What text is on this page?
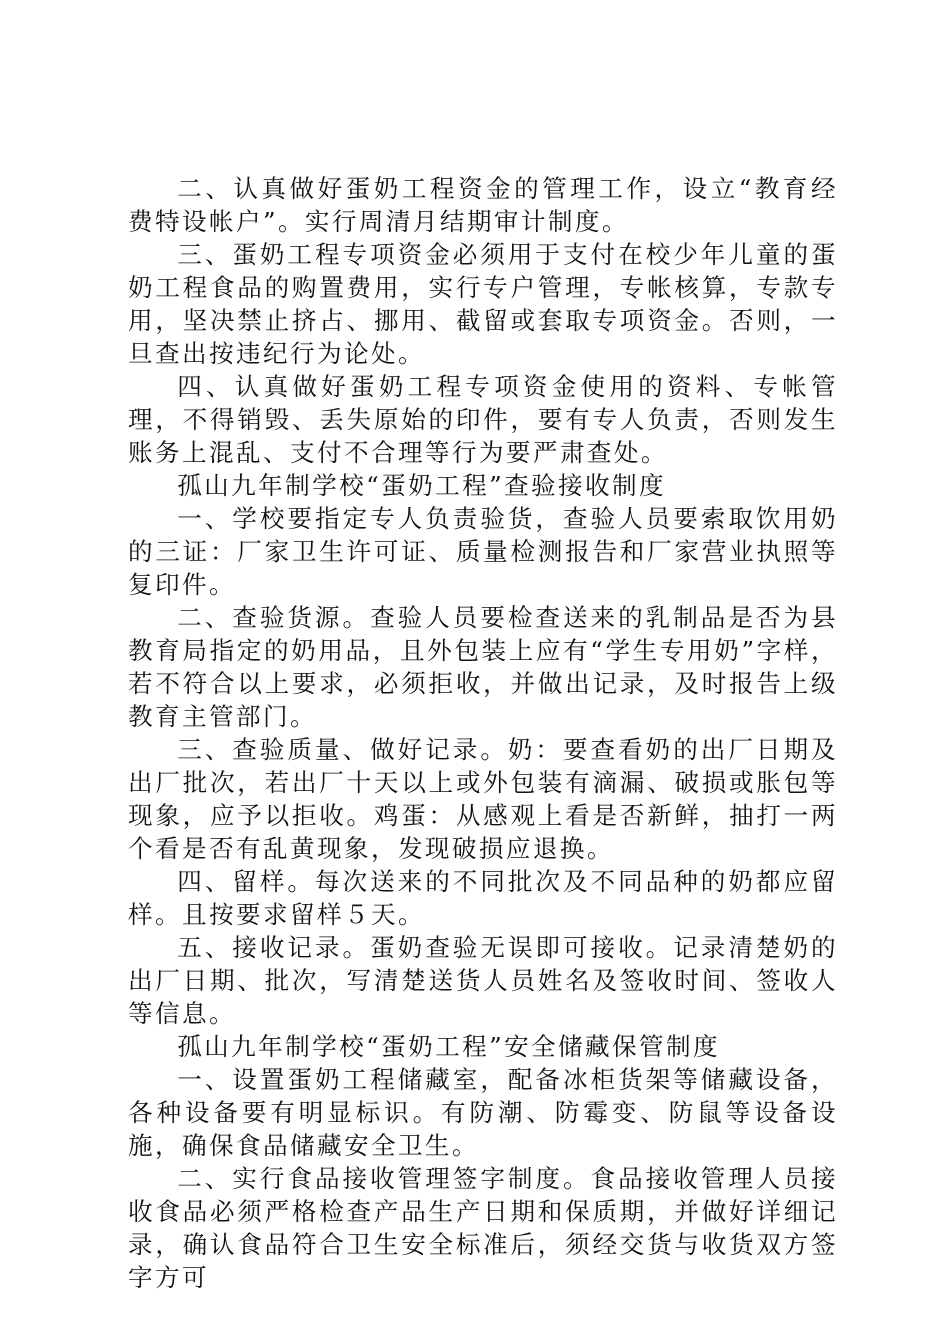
二、认真做好蛋奶工程资金的管理工作，设立“教育经费特设帐户”。实行周清月结期审计制度。

三、蛋奶工程专项资金必须用于支付在校少年儿童的蛋奶工程食品的购置费用，实行专户管理，专帐核算，专款专用，坚决禁止挤占、挪用、截留或套取专项资金。否则，一旦查出按违纪行为论处。

四、认真做好蛋奶工程专项资金使用的资料、专帐管理，不得销毁、丢失原始的印件，要有专人负责，否则发生账务上混乱、支付不合理等行为要严肃查处。

孤山九年制学校“蛋奶工程”查验接收制度

一、学校要指定专人负责验货，查验人员要索取饮用奶的三证：厂家卫生许可证、质量检测报告和厂家营业执照等复印件。

二、查验货源。查验人员要检查送来的乳制品是否为县教育局指定的奶用品，且外包装上应有“学生专用奶”字样，若不符合以上要求，必须拒收，并做出记录，及时报告上级教育主管部门。

三、查验质量、做好记录。奶：要查看奶的出厂日期及出厂批次，若出厂十天以上或外包装有滴漏、破损或胀包等现象，应予以拒收。鸡蛋：从感观上看是否新鲜，抽打一两个看是否有乱黄现象，发现破损应退换。

四、留样。每次送来的不同批次及不同品种的奶都应留样。且按要求留样５天。

五、接收记录。蛋奶查验无误即可接收。记录清楚奶的出厂日期、批次，写清楚送货人员姓名及签收时间、签收人等信息。

孤山九年制学校“蛋奶工程”安全储藏保管制度

一、设置蛋奶工程储藏室，配备冰柜货架等储藏设备，各种设备要有明显标识。有防潮、防霉变、防鼠等设备设施，确保食品储藏安全卫生。

二、实行食品接收管理签字制度。食品接收管理人员接收食品必须严格检查产品生产日期和保质期，并做好详细记录，确认食品符合卫生安全标准后，须经交货与收货双方签字方可
